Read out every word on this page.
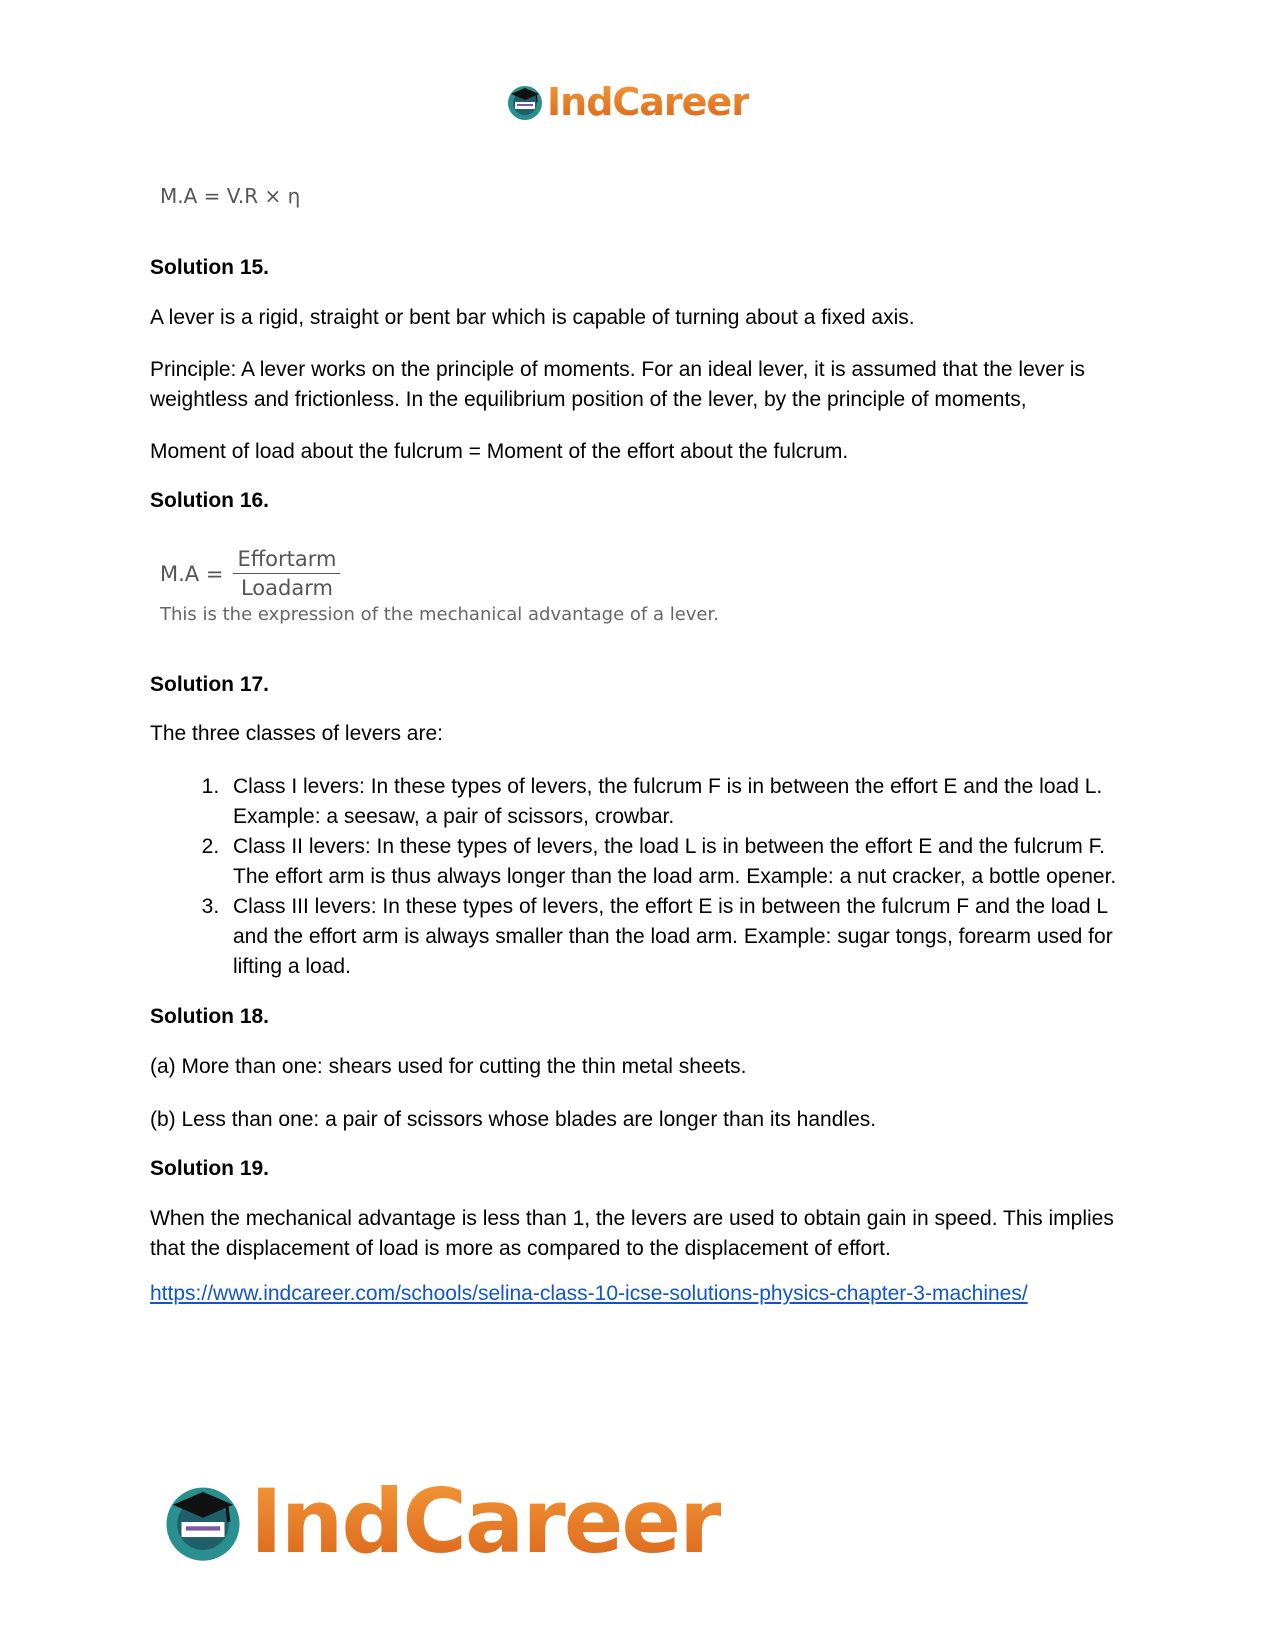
IndCareer
M.A = V.R × η
Solution 15.

A lever is a rigid, straight or bent bar which is capable of turning about a fixed axis.

Principle: A lever works on the principle of moments. For an ideal lever, it is assumed that the lever is weightless and frictionless. In the equilibrium position of the lever, by the principle of moments,

Moment of load about the fulcrum = Moment of the effort about the fulcrum.

Solution 16.
$M.A = \frac{\text{Effortarm}}{\text{Loadarm}}$
This is the expression of the mechanical advantage of a lever.
Solution 17.

The three classes of levers are:

1. Class I levers: In these types of levers, the fulcrum F is in between the effort E and the load L. Example: a seesaw, a pair of scissors, crowbar.
2. Class II levers: In these types of levers, the load L is in between the effort E and the fulcrum F. The effort arm is thus always longer than the load arm. Example: a nut cracker, a bottle opener.
3. Class III levers: In these types of levers, the effort E is in between the fulcrum F and the load L and the effort arm is always smaller than the load arm. Example: sugar tongs, forearm used for lifting a load.
Solution 18.

(a) More than one: shears used for cutting the thin metal sheets.

(b) Less than one: a pair of scissors whose blades are longer than its handles.

Solution 19.

When the mechanical advantage is less than 1, the levers are used to obtain gain in speed. This implies that the displacement of load is more as compared to the displacement of effort.

https://www.indcareer.com/schools/selina-class-10-icse-solutions-physics-chapter-3-machines/
IndCareer
